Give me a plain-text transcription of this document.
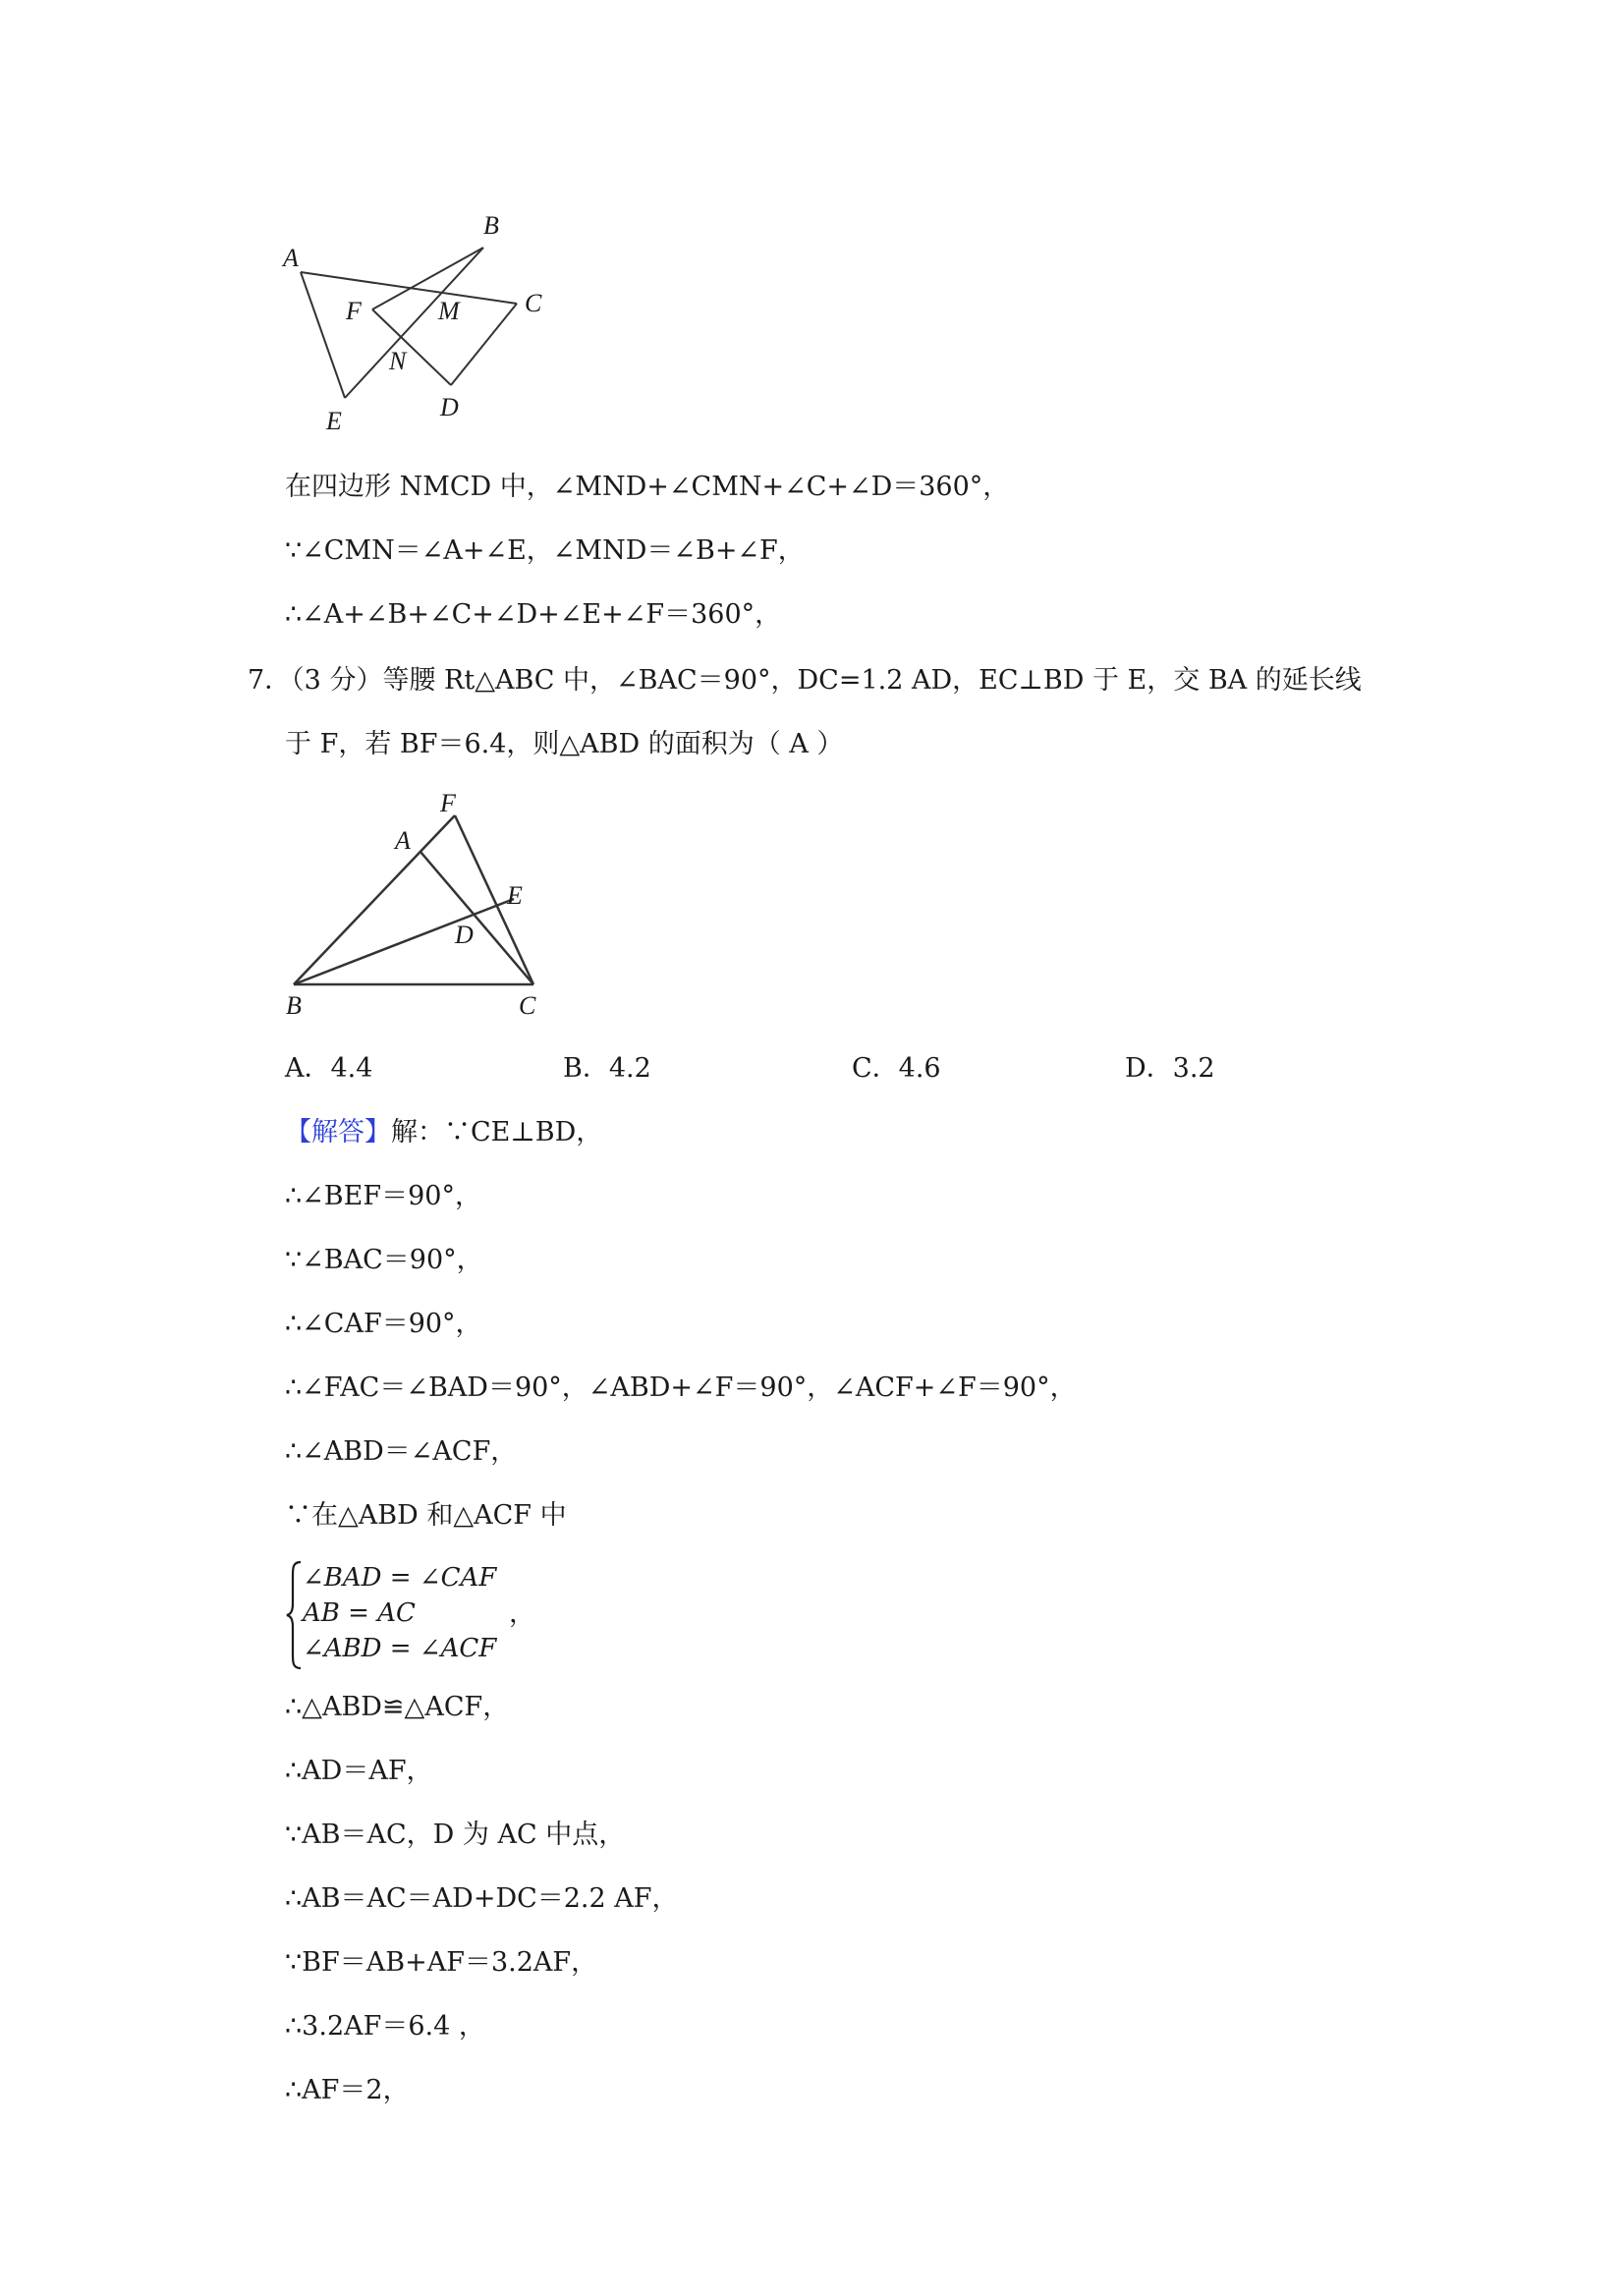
A
B
C
D
E
F	M
N
在四边形 NMCD 中，∠MND+∠CMN+∠C+∠D＝360°，
∵∠CMN＝∠A+∠E，∠MND＝∠B+∠F，
∴∠A+∠B+∠C+∠D+∠E+∠F＝360°，
7．（3 分）等腰 Rt△ABC 中，∠BAC＝90°，DC=1.2 AD，EC⊥BD 于 E，交 BA 的延长线
于 F，若 BF＝6.4，则△ABD 的面积为（ A ）
F
A
E
D
B	C
A．4.4	B．4.2	C．4.6	D．3.2
【解答】解：∵CE⊥BD，
∴∠BEF＝90°，
∵∠BAC＝90°，
∴∠CAF＝90°，
∴∠FAC＝∠BAD＝90°，∠ABD+∠F＝90°，∠ACF+∠F＝90°，
∴∠ABD＝∠ACF，
∵在△ABD 和△ACF 中
∠BAD = ∠CAF
AB = AC
∠ABD = ∠ACF
，
∴△ABD≌△ACF，
∴AD＝AF，
∵AB＝AC，D 为 AC 中点，
∴AB＝AC＝AD+DC＝2.2 AF，
∵BF＝AB+AF＝3.2AF，
∴3.2AF＝6.4 ，
∴AF＝2，
